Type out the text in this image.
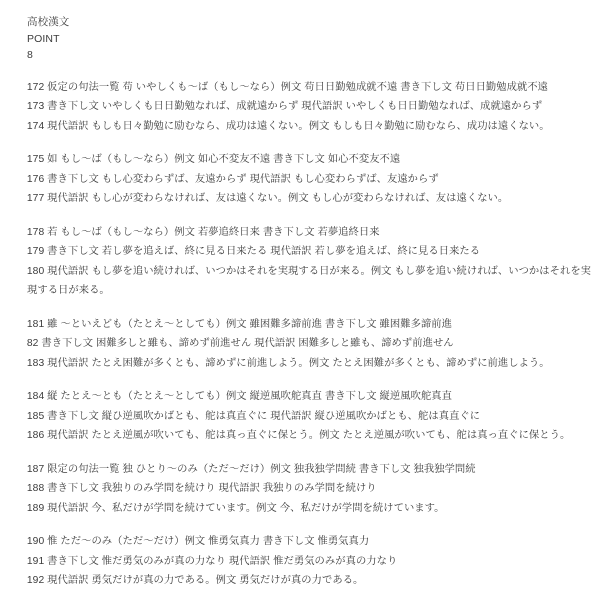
高校漢文
POINT
8
172 仮定の句法一覧 苟 いやしくも〜ば（もし〜なら）例文 苟日日勤勉成就不遠 書き下し文 苟日日勤勉成就不遠
173 書き下し文 いやしくも日日勤勉なれば、成就遠からず 現代語訳 いやしくも日日勤勉なれば、成就遠からず
174 現代語訳 もしも日々勤勉に励むなら、成功は遠くない。例文 もしも日々勤勉に励むなら、成功は遠くない。
175 如 もし〜ば（もし〜なら）例文 如心不変友不遠 書き下し文 如心不変友不遠
176 書き下し文 もし心変わらずば、友遠からず 現代語訳 もし心変わらずば、友遠からず
177 現代語訳 もし心が変わらなければ、友は遠くない。例文 もし心が変わらなければ、友は遠くない。
178 若 もし〜ば（もし〜なら）例文 若夢追終日来 書き下し文 若夢追終日来
179 書き下し文 若し夢を追えば、終に見る日来たる 現代語訳 若し夢を追えば、終に見る日来たる
180 現代語訳 もし夢を追い続ければ、いつかはそれを実現する日が来る。例文 もし夢を追い続ければ、いつかはそれを実現する日が来る。
181 雖 〜といえども（たとえ〜としても）例文 雖困難多諦前進 書き下し文 雖困難多諦前進
82 書き下し文 困難多しと雖も、諦めず前進せん 現代語訳 困難多しと雖も、諦めず前進せん
183 現代語訳 たとえ困難が多くとも、諦めずに前進しよう。例文 たとえ困難が多くとも、諦めずに前進しよう。
184 縦 たとえ〜とも（たとえ〜としても）例文 縦逆風吹舵真直 書き下し文 縦逆風吹舵真直
185 書き下し文 縦ひ逆風吹かばとも、舵は真直ぐに 現代語訳 縦ひ逆風吹かばとも、舵は真直ぐに
186 現代語訳 たとえ逆風が吹いても、舵は真っ直ぐに保とう。例文 たとえ逆風が吹いても、舵は真っ直ぐに保とう。
187 限定の句法一覧 独 ひとり〜のみ（ただ〜だけ）例文 独我独学問続 書き下し文 独我独学問続
188 書き下し文 我独りのみ学問を続けり 現代語訳 我独りのみ学問を続けり
189 現代語訳 今、私だけが学問を続けています。例文 今、私だけが学問を続けています。
190 惟 ただ〜のみ（ただ〜だけ）例文 惟勇気真力 書き下し文 惟勇気真力
191 書き下し文 惟だ勇気のみが真の力なり 現代語訳 惟だ勇気のみが真の力なり
192 現代語訳 勇気だけが真の力である。例文 勇気だけが真の力である。
